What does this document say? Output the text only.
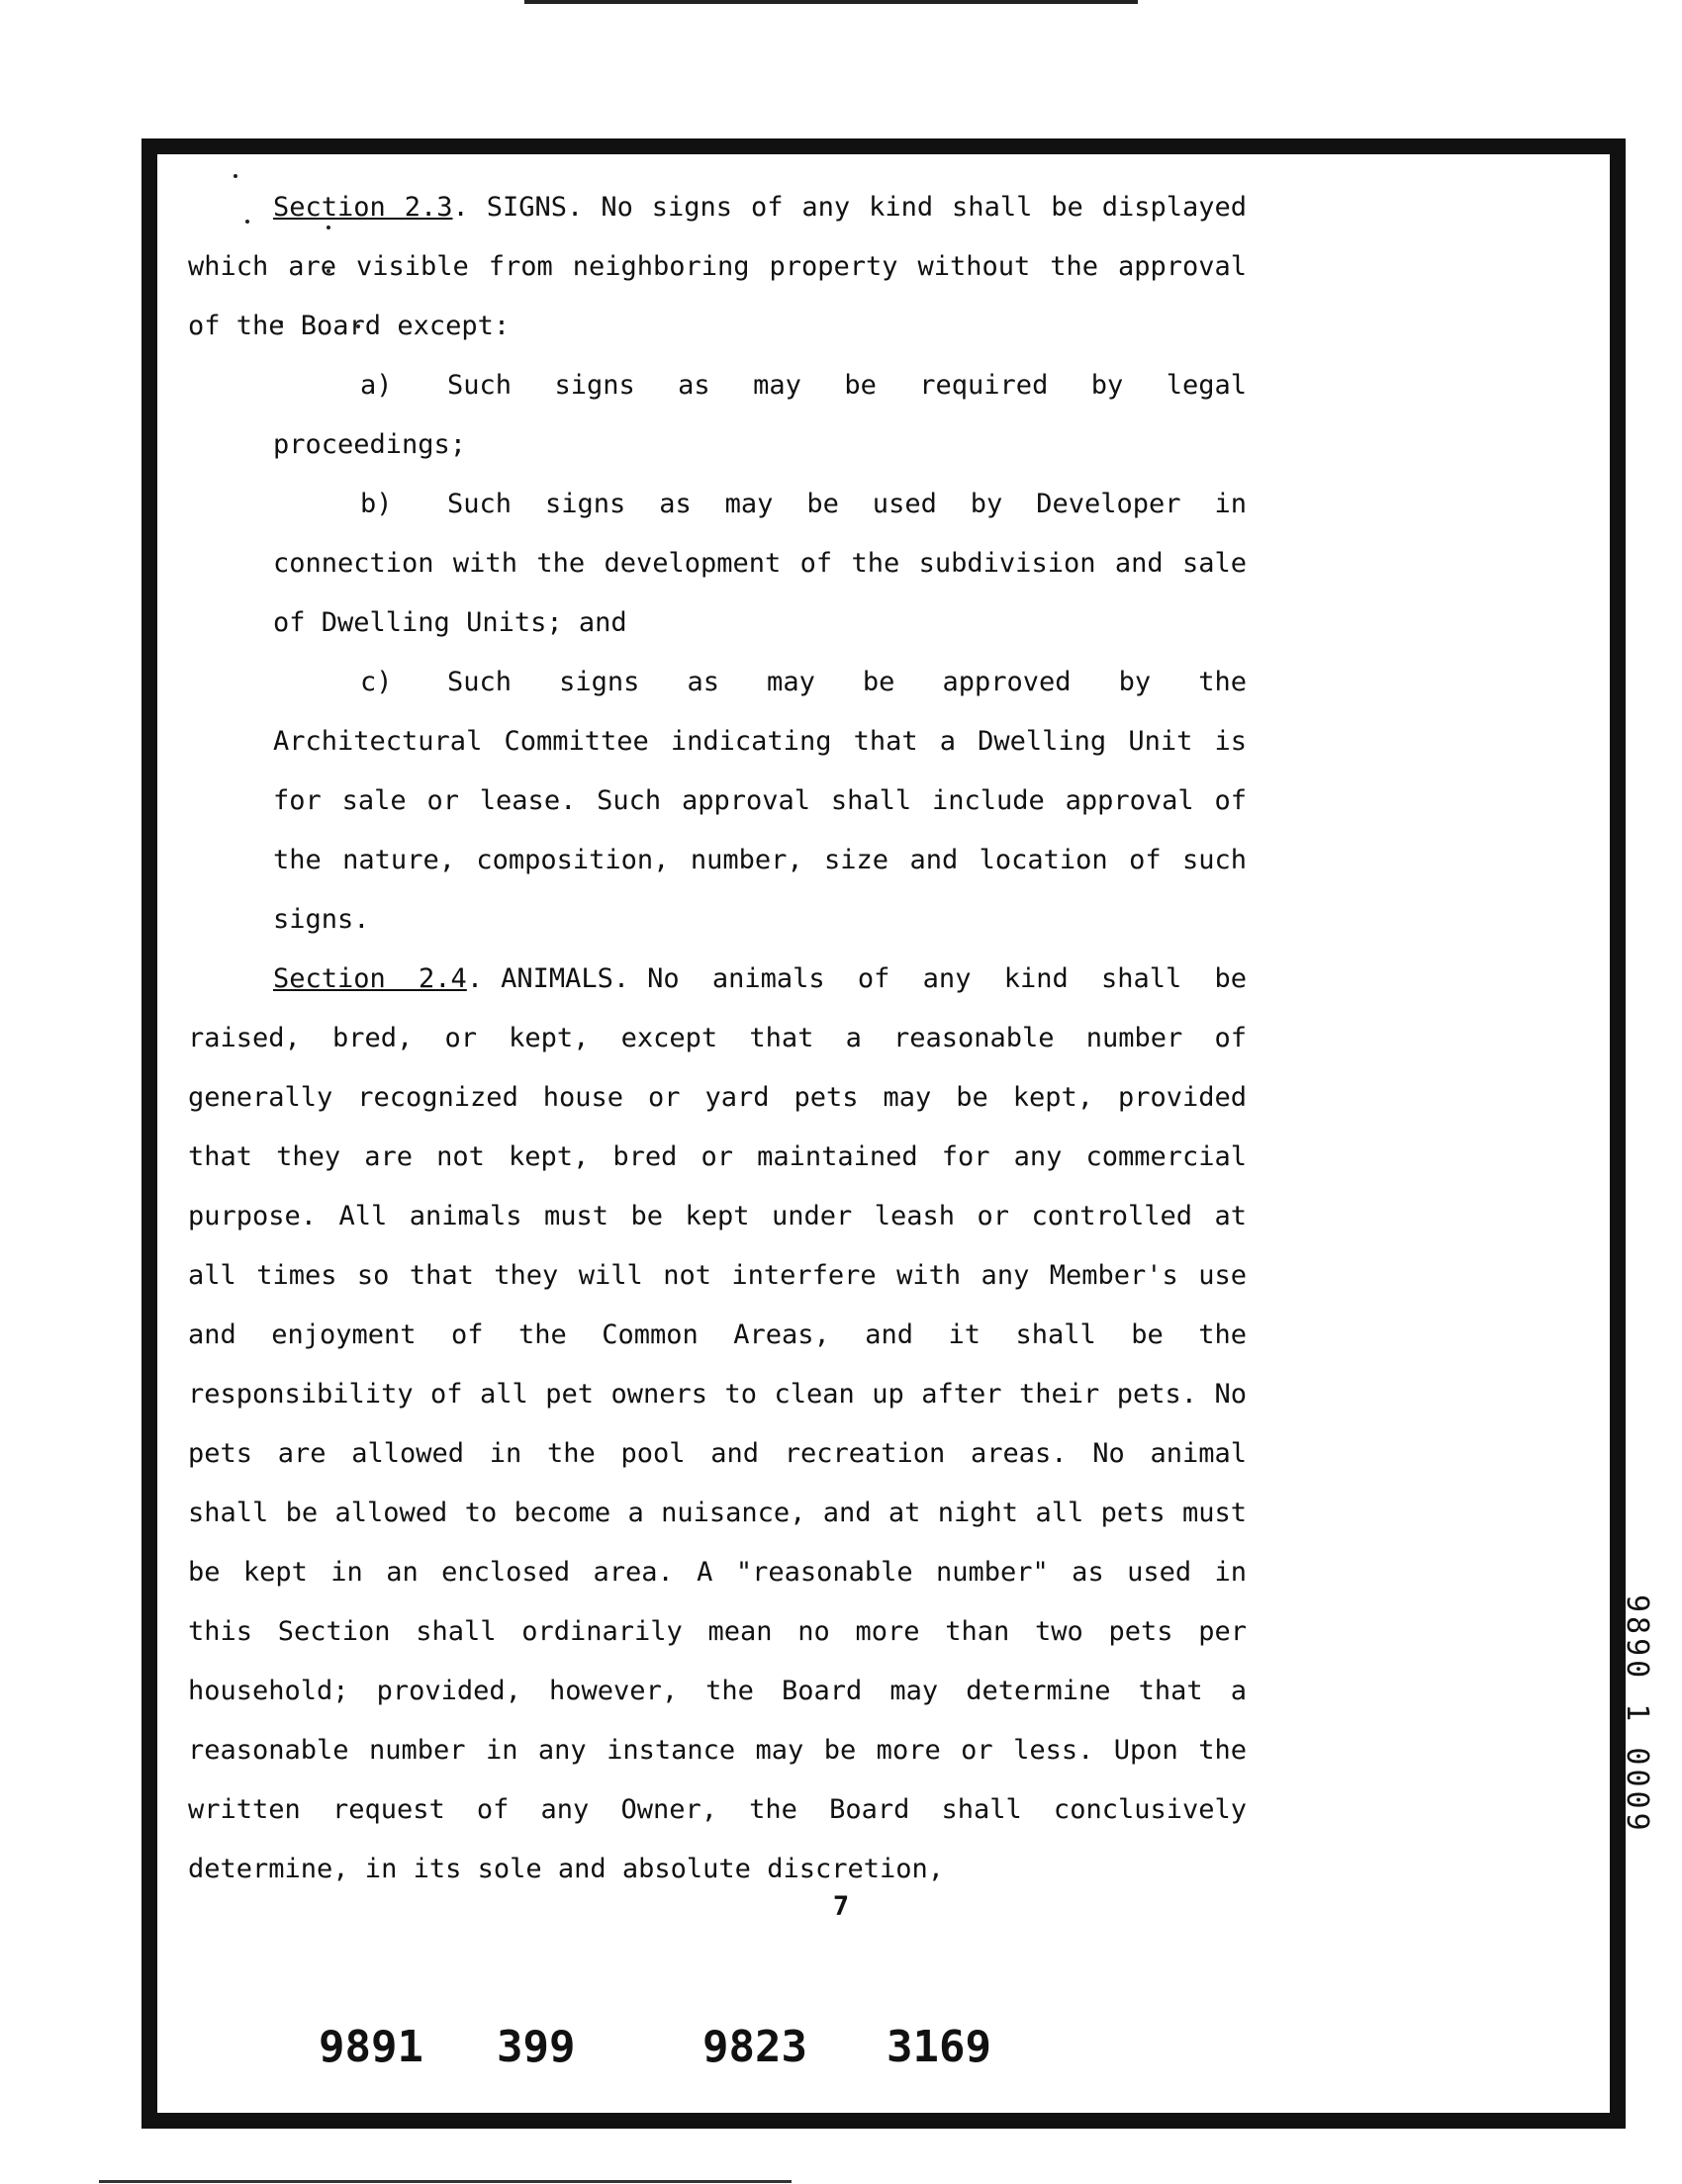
Section 2.3. SIGNS. No signs of any kind shall be displayed which are visible from neighboring property without the approval of the Board except:

a) Such signs as may be required by legal proceedings;

b) Such signs as may be used by Developer in connection with the development of the subdivision and sale of Dwelling Units; and

c) Such signs as may be approved by the Architectural Committee indicating that a Dwelling Unit is for sale or lease. Such approval shall include approval of the nature, composition, number, size and location of such signs.

Section 2.4. ANIMALS. No animals of any kind shall be raised, bred, or kept, except that a reasonable number of generally recognized house or yard pets may be kept, provided that they are not kept, bred or maintained for any commercial purpose. All animals must be kept under leash or controlled at all times so that they will not interfere with any Member's use and enjoyment of the Common Areas, and it shall be the responsibility of all pet owners to clean up after their pets. No pets are allowed in the pool and recreation areas. No animal shall be allowed to become a nuisance, and at night all pets must be kept in an enclosed area. A "reasonable number" as used in this Section shall ordinarily mean no more than two pets per household; provided, however, the Board may determine that a reasonable number in any instance may be more or less. Upon the written request of any Owner, the Board shall conclusively determine, in its sole and absolute discretion,

7
9890 1 0009
9891 399	9823 3169
